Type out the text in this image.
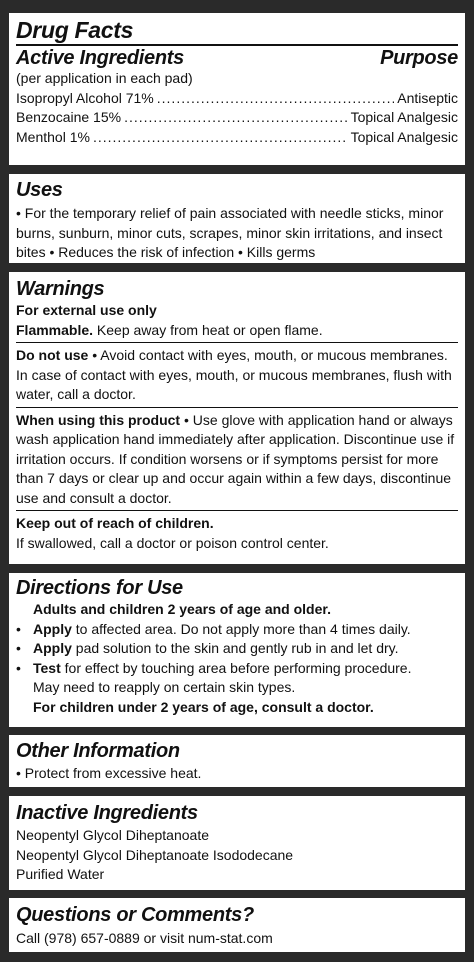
Drug Facts
Active Ingredients	Purpose
(per application in each pad)
Isopropyl Alcohol 71% .....	Antiseptic
Benzocaine 15% .....	Topical Analgesic
Menthol 1% .....	Topical Analgesic
Uses
• For the temporary relief of pain associated with needle sticks, minor burns, sunburn, minor cuts, scrapes, minor skin irritations, and insect bites • Reduces the risk of infection • Kills germs
Warnings
For external use only
Flammable. Keep away from heat or open flame.
Do not use • Avoid contact with eyes, mouth, or mucous membranes. In case of contact with eyes, mouth, or mucous membranes, flush with water, call a doctor.
When using this product • Use glove with application hand or always wash application hand immediately after application. Discontinue use if irritation occurs. If condition worsens or if symptoms persist for more than 7 days or clear up and occur again within a few days, discontinue use and consult a doctor.
Keep out of reach of children.
If swallowed, call a doctor or poison control center.
Directions for Use
Adults and children 2 years of age and older.
• Apply to affected area. Do not apply more than 4 times daily.
• Apply pad solution to the skin and gently rub in and let dry.
• Test for effect by touching area before performing procedure.
May need to reapply on certain skin types.
For children under 2 years of age, consult a doctor.
Other Information
• Protect from excessive heat.
Inactive Ingredients
Neopentyl Glycol Diheptanoate
Neopentyl Glycol Diheptanoate Isododecane
Purified Water
Questions or Comments?
Call (978) 657-0889 or visit num-stat.com
